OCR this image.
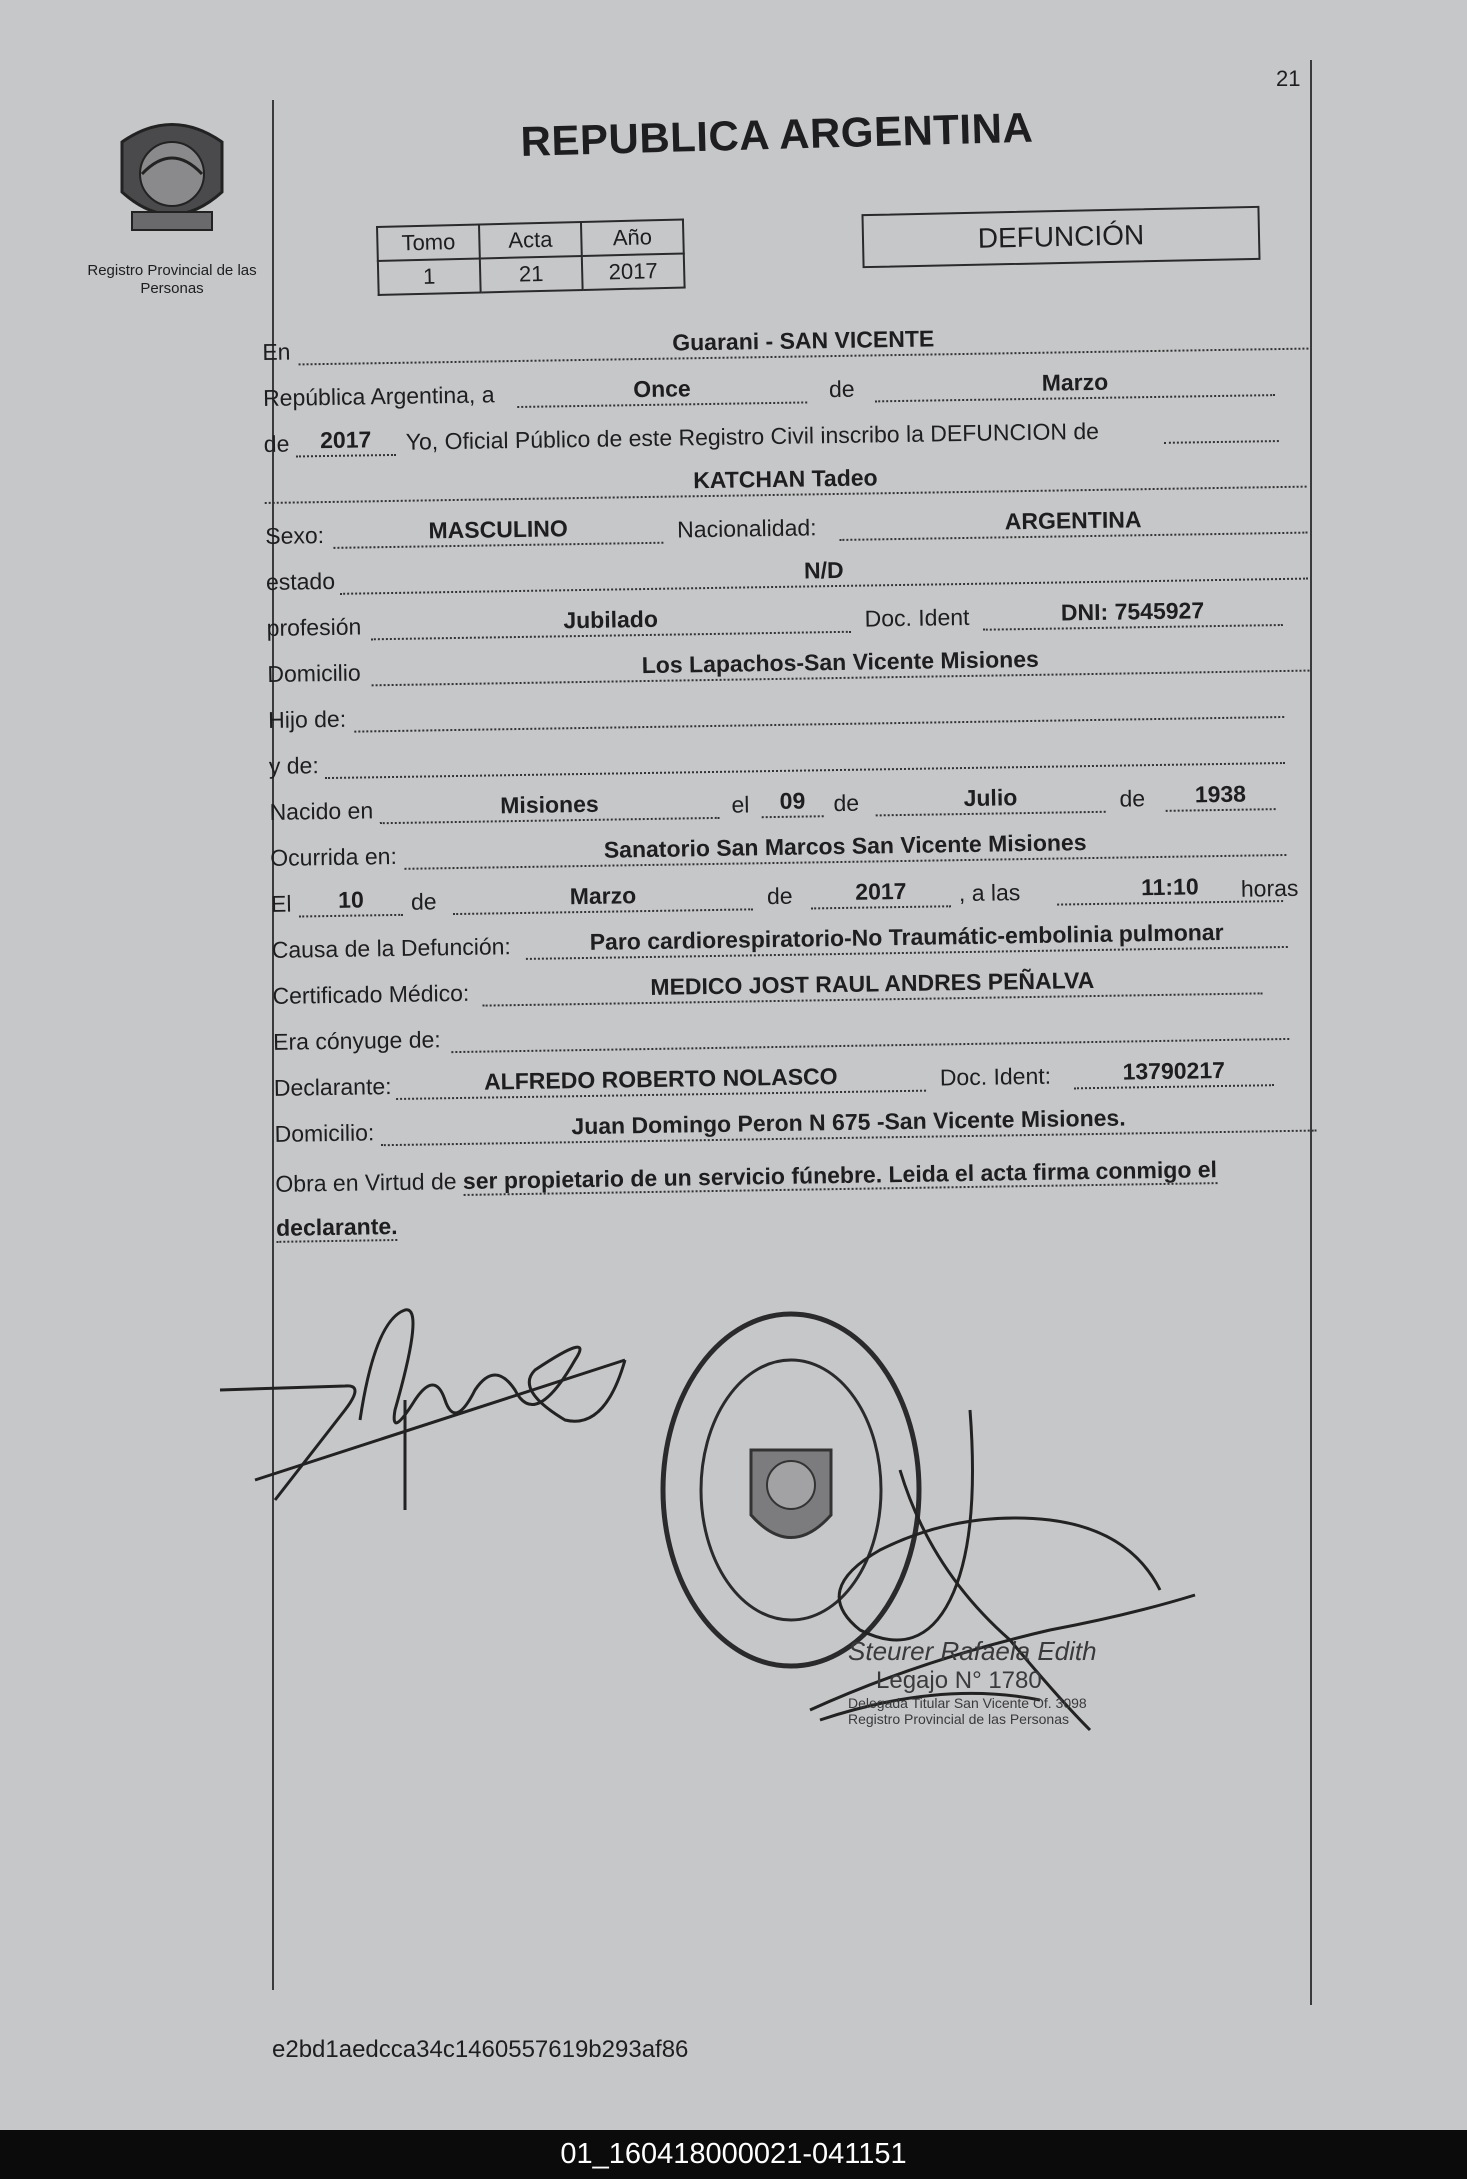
21
Registro Provincial de las Personas
REPUBLICA ARGENTINA
DEFUNCIÓN
Tomo	Acta	Año
1	21	2017
En	Guarani - SAN VICENTE
República Argentina, a	Once	de	Marzo
de	2017	Yo, Oficial Público de este Registro Civil inscribo la DEFUNCION de
KATCHAN Tadeo
Sexo:	MASCULINO	Nacionalidad:	ARGENTINA
estado	N/D
profesión	Jubilado	Doc. Ident	DNI: 7545927
Domicilio	Los Lapachos-San Vicente Misiones
Hijo de:
y de:
Nacido en	Misiones	el	09	de	Julio	de	1938
Ocurrida en:	Sanatorio San Marcos San Vicente Misiones
El	10	de	Marzo	de	2017	, a las	11:10	horas
Causa de la Defunción:	Paro cardiorespiratorio-No Traumátic-embolinia pulmonar
Certificado Médico:	MEDICO JOST RAUL ANDRES PEÑALVA
Era cónyuge de:
Declarante:	ALFREDO ROBERTO NOLASCO	Doc. Ident:	13790217
Domicilio:	Juan Domingo Peron N 675 -San Vicente Misiones.
Obra en Virtud de ser propietario de un servicio fúnebre. Leida el acta firma conmigo el declarante.
Steurer Rafaela Edith
Legajo N° 1780
Delegada Titular San Vicente Of. 3098
Registro Provincial de las Personas
e2bd1aedcca34c1460557619b293af86
01_160418000021-041151
